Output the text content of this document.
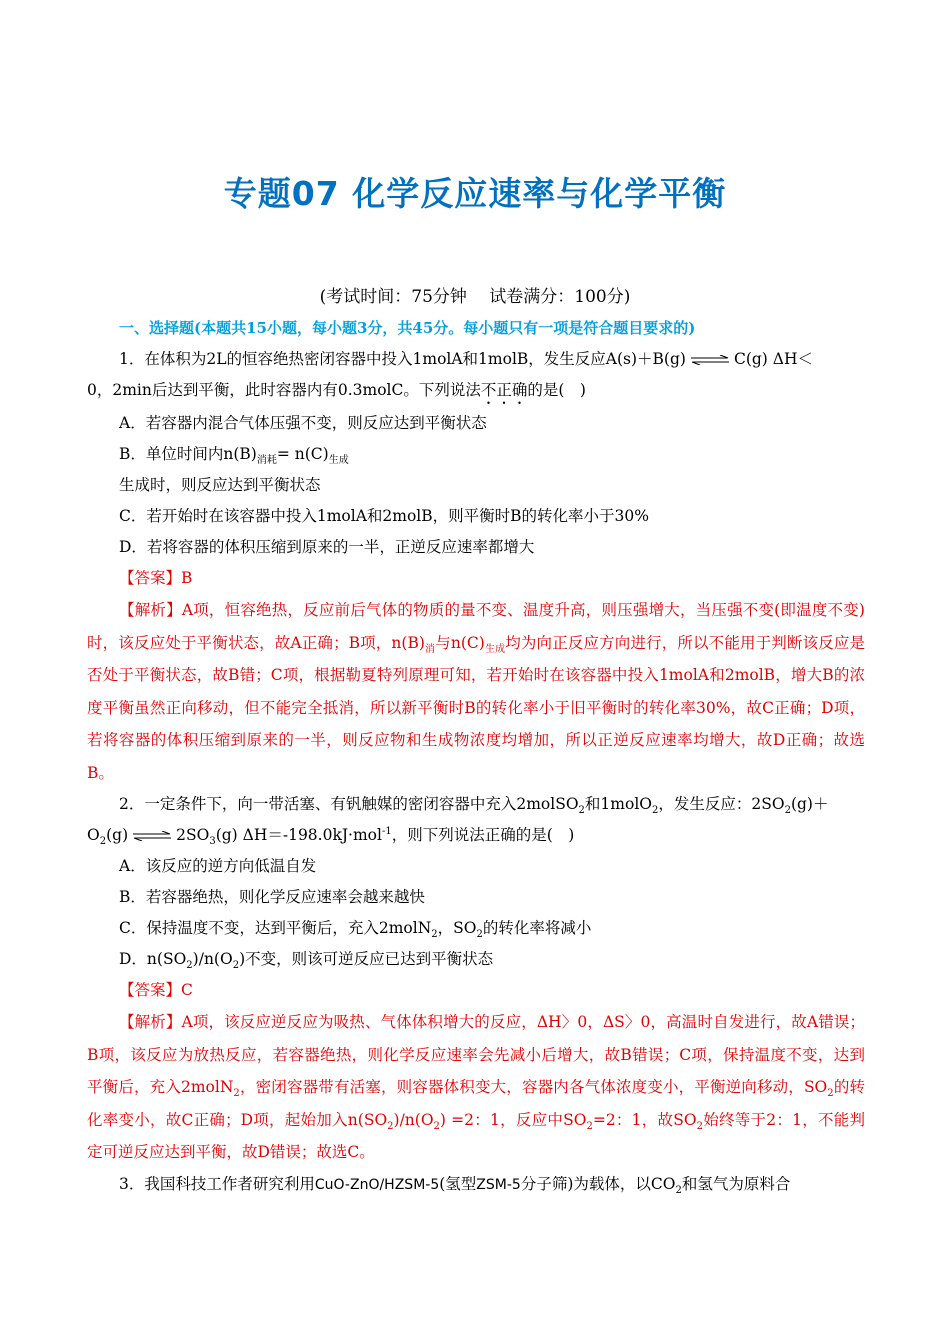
专题07 化学反应速率与化学平衡
(考试时间：75分钟　 试卷满分：100分)

一、选择题(本题共15小题，每小题3分，共45分。每小题只有一项是符合题目要求的)

1．在体积为2L的恒容绝热密闭容器中投入1molA和1molB，发生反应A(s)＋B(g) ⇌ C(g) ΔH＜

0，2min后达到平衡，此时容器内有0.3molC。下列说法不正确的是(　)

A．若容器内混合气体压强不变，则反应达到平衡状态

B．单位时间内$n(B)_{消耗}= n(C)_{生成}$

生成时，则反应达到平衡状态

C．若开始时在该容器中投入1molA和2molB，则平衡时B的转化率小于30%

D．若将容器的体积压缩到原来的一半，正逆反应速率都增大

【答案】B

【解析】A项，恒容绝热，反应前后气体的物质的量不变、温度升高，则压强增大，当压强不变(即温度不变)时，该反应处于平衡状态，故A正确；B项，$n(B)_消$与$n(C)_{生成}$均为向正反应方向进行，所以不能用于判断该反应是否处于平衡状态，故B错；C项，根据勒夏特列原理可知，若开始时在该容器中投入1molA和2molB，增大B的浓度平衡虽然正向移动，但不能完全抵消，所以新平衡时B的转化率小于旧平衡时的转化率30%，故C正确；D项，若将容器的体积压缩到原来的一半，则反应物和生成物浓度均增加，所以正逆反应速率均增大，故D正确；故选B。

2．一定条件下，向一带活塞、有钒触媒的密闭容器中充入2molSO$_2$和1molO$_2$，发生反应：$2SO_2(g)+$

$O_2(g)$ ⇌ $2SO_3(g)$ ΔH＝-198.0kJ·mol$^{-1}$，则下列说法正确的是(　)

A．该反应的逆方向低温自发

B．若容器绝热，则化学反应速率会越来越快

C．保持温度不变，达到平衡后，充入2molN$_2$，$SO_2$的转化率将减小

D．$n(SO_2)/n(O_2)$不变，则该可逆反应已达到平衡状态

【答案】C

【解析】A项，该反应逆反应为吸热、气体体积增大的反应，ΔH〉0，ΔS〉0，高温时自发进行，故A错误；B项，该反应为放热反应，若容器绝热，则化学反应速率会先减小后增大，故B错误；C项，保持温度不变，达到平衡后，充入2molN$_2$，密闭容器带有活塞，则容器体积变大，容器内各气体浓度变小，平衡逆向移动，$SO_2$的转化率变小，故C正确；D项，起始加入$n(SO_2)/n(O_2) =2$：1，反应中$SO_2=2$：1，故$SO_2$始终等于2：1，不能判定可逆反应达到平衡，故D错误；故选C。

3．我国科技工作者研究利用CuO-ZnO/HZSM-5(氢型ZSM-5分子筛)为载体，以$CO_2$和氢气为原料合
